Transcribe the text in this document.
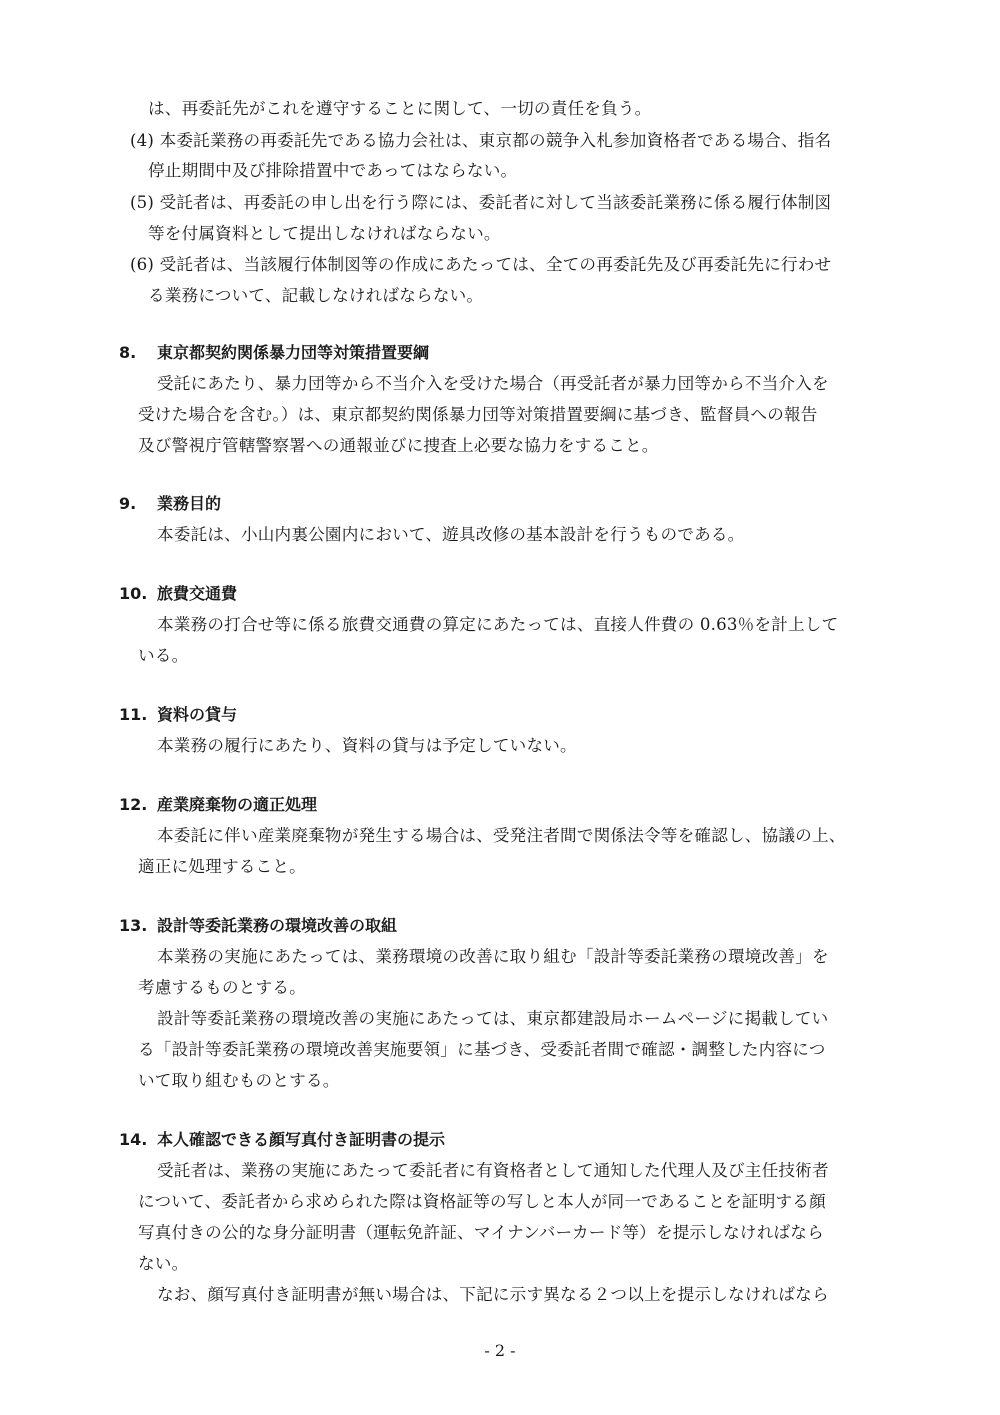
は、再委託先がこれを遵守することに関して、一切の責任を負う。
(4) 本委託業務の再委託先である協力会社は、東京都の競争入札参加資格者である場合、指名
停止期間中及び排除措置中であってはならない。
(5) 受託者は、再委託の申し出を行う際には、委託者に対して当該委託業務に係る履行体制図
等を付属資料として提出しなければならない。
(6) 受託者は、当該履行体制図等の作成にあたっては、全ての再委託先及び再委託先に行わせ
る業務について、記載しなければならない。
8. 東京都契約関係暴力団等対策措置要綱
受託にあたり、暴力団等から不当介入を受けた場合（再受託者が暴力団等から不当介入を
受けた場合を含む。）は、東京都契約関係暴力団等対策措置要綱に基づき、監督員への報告
及び警視庁管轄警察署への通報並びに捜査上必要な協力をすること。
9. 業務目的
本委託は、小山内裏公園内において、遊具改修の基本設計を行うものである。
10. 旅費交通費
本業務の打合せ等に係る旅費交通費の算定にあたっては、直接人件費の 0.63％を計上して
いる。
11. 資料の貸与
本業務の履行にあたり、資料の貸与は予定していない。
12. 産業廃棄物の適正処理
本委託に伴い産業廃棄物が発生する場合は、受発注者間で関係法令等を確認し、協議の上、
適正に処理すること。
13. 設計等委託業務の環境改善の取組
本業務の実施にあたっては、業務環境の改善に取り組む「設計等委託業務の環境改善」を
考慮するものとする。
設計等委託業務の環境改善の実施にあたっては、東京都建設局ホームページに掲載してい
る「設計等委託業務の環境改善実施要領」に基づき、受委託者間で確認・調整した内容につ
いて取り組むものとする。
14. 本人確認できる顔写真付き証明書の提示
受託者は、業務の実施にあたって委託者に有資格者として通知した代理人及び主任技術者
について、委託者から求められた際は資格証等の写しと本人が同一であることを証明する顔
写真付きの公的な身分証明書（運転免許証、マイナンバーカード等）を提示しなければなら
ない。
なお、顔写真付き証明書が無い場合は、下記に示す異なる２つ以上を提示しなければなら
- 2 -
